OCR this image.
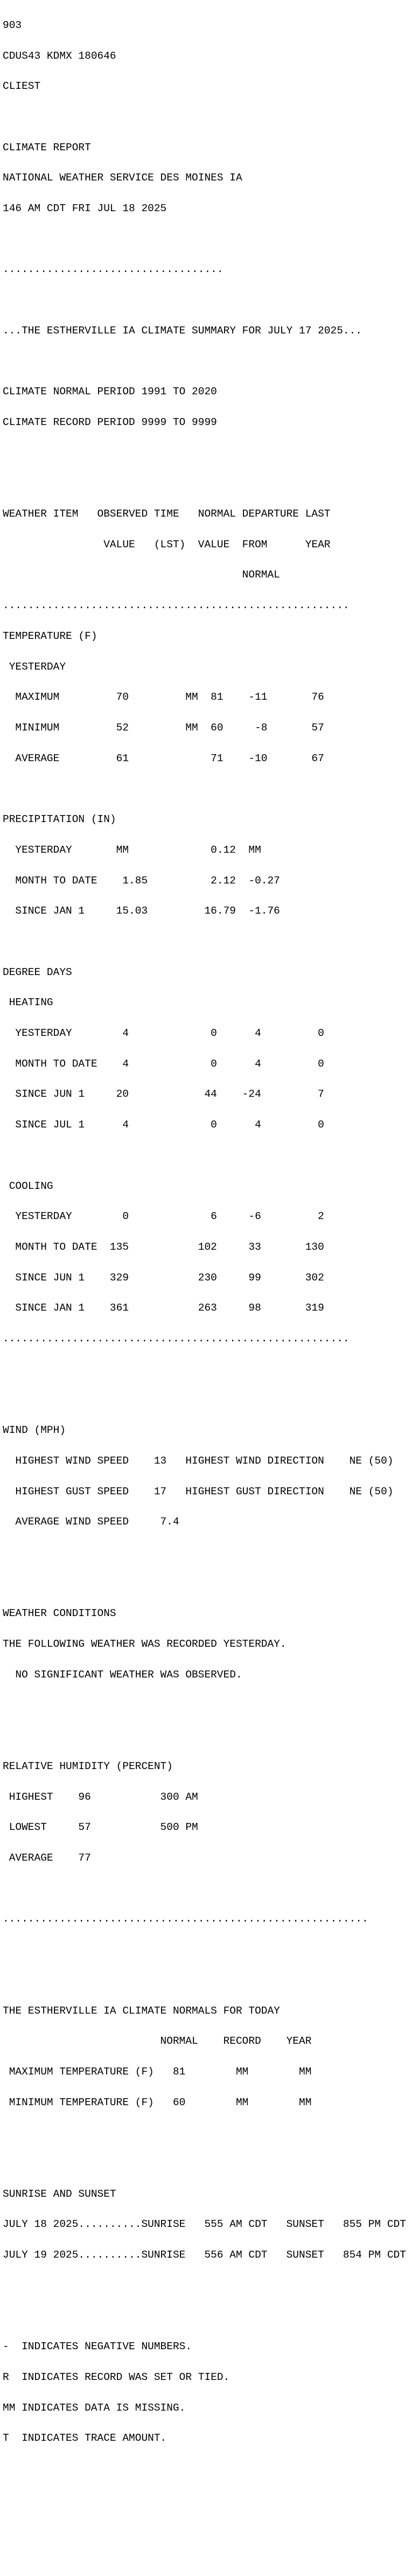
903

CDUS43 KDMX 180646

CLIEST

CLIMATE REPORT

NATIONAL WEATHER SERVICE DES MOINES IA

146 AM CDT FRI JUL 18 2025

...................................

...THE ESTHERVILLE IA CLIMATE SUMMARY FOR JULY 17 2025...

CLIMATE NORMAL PERIOD 1991 TO 2020

CLIMATE RECORD PERIOD 9999 TO 9999

WEATHER ITEM   OBSERVED TIME   NORMAL DEPARTURE LAST

VALUE   (LST)  VALUE  FROM      YEAR

NORMAL

.......................................................

TEMPERATURE (F)

YESTERDAY

MAXIMUM         70         MM  81    -11       76

MINIMUM         52         MM  60     -8       57

AVERAGE         61             71    -10       67

PRECIPITATION (IN)

YESTERDAY       MM             0.12  MM

MONTH TO DATE    1.85          2.12  -0.27

SINCE JAN 1     15.03         16.79  -1.76

DEGREE DAYS

HEATING

YESTERDAY        4             0      4         0

MONTH TO DATE    4             0      4         0

SINCE JUN 1     20            44    -24         7

SINCE JUL 1      4             0      4         0

COOLING

YESTERDAY        0             6     -6         2

MONTH TO DATE  135           102     33       130

SINCE JUN 1    329           230     99       302

SINCE JAN 1    361           263     98       319

.......................................................

WIND (MPH)

HIGHEST WIND SPEED    13   HIGHEST WIND DIRECTION    NE (50)

HIGHEST GUST SPEED    17   HIGHEST GUST DIRECTION    NE (50)

AVERAGE WIND SPEED     7.4

WEATHER CONDITIONS

THE FOLLOWING WEATHER WAS RECORDED YESTERDAY.

NO SIGNIFICANT WEATHER WAS OBSERVED.

RELATIVE HUMIDITY (PERCENT)

HIGHEST    96           300 AM

LOWEST     57           500 PM

AVERAGE    77

..........................................................

THE ESTHERVILLE IA CLIMATE NORMALS FOR TODAY

NORMAL    RECORD    YEAR

MAXIMUM TEMPERATURE (F)   81        MM        MM

MINIMUM TEMPERATURE (F)   60        MM        MM

SUNRISE AND SUNSET

JULY 18 2025..........SUNRISE   555 AM CDT   SUNSET   855 PM CDT

JULY 19 2025..........SUNRISE   556 AM CDT   SUNSET   854 PM CDT

-  INDICATES NEGATIVE NUMBERS.

R  INDICATES RECORD WAS SET OR TIED.

MM INDICATES DATA IS MISSING.

T  INDICATES TRACE AMOUNT.
